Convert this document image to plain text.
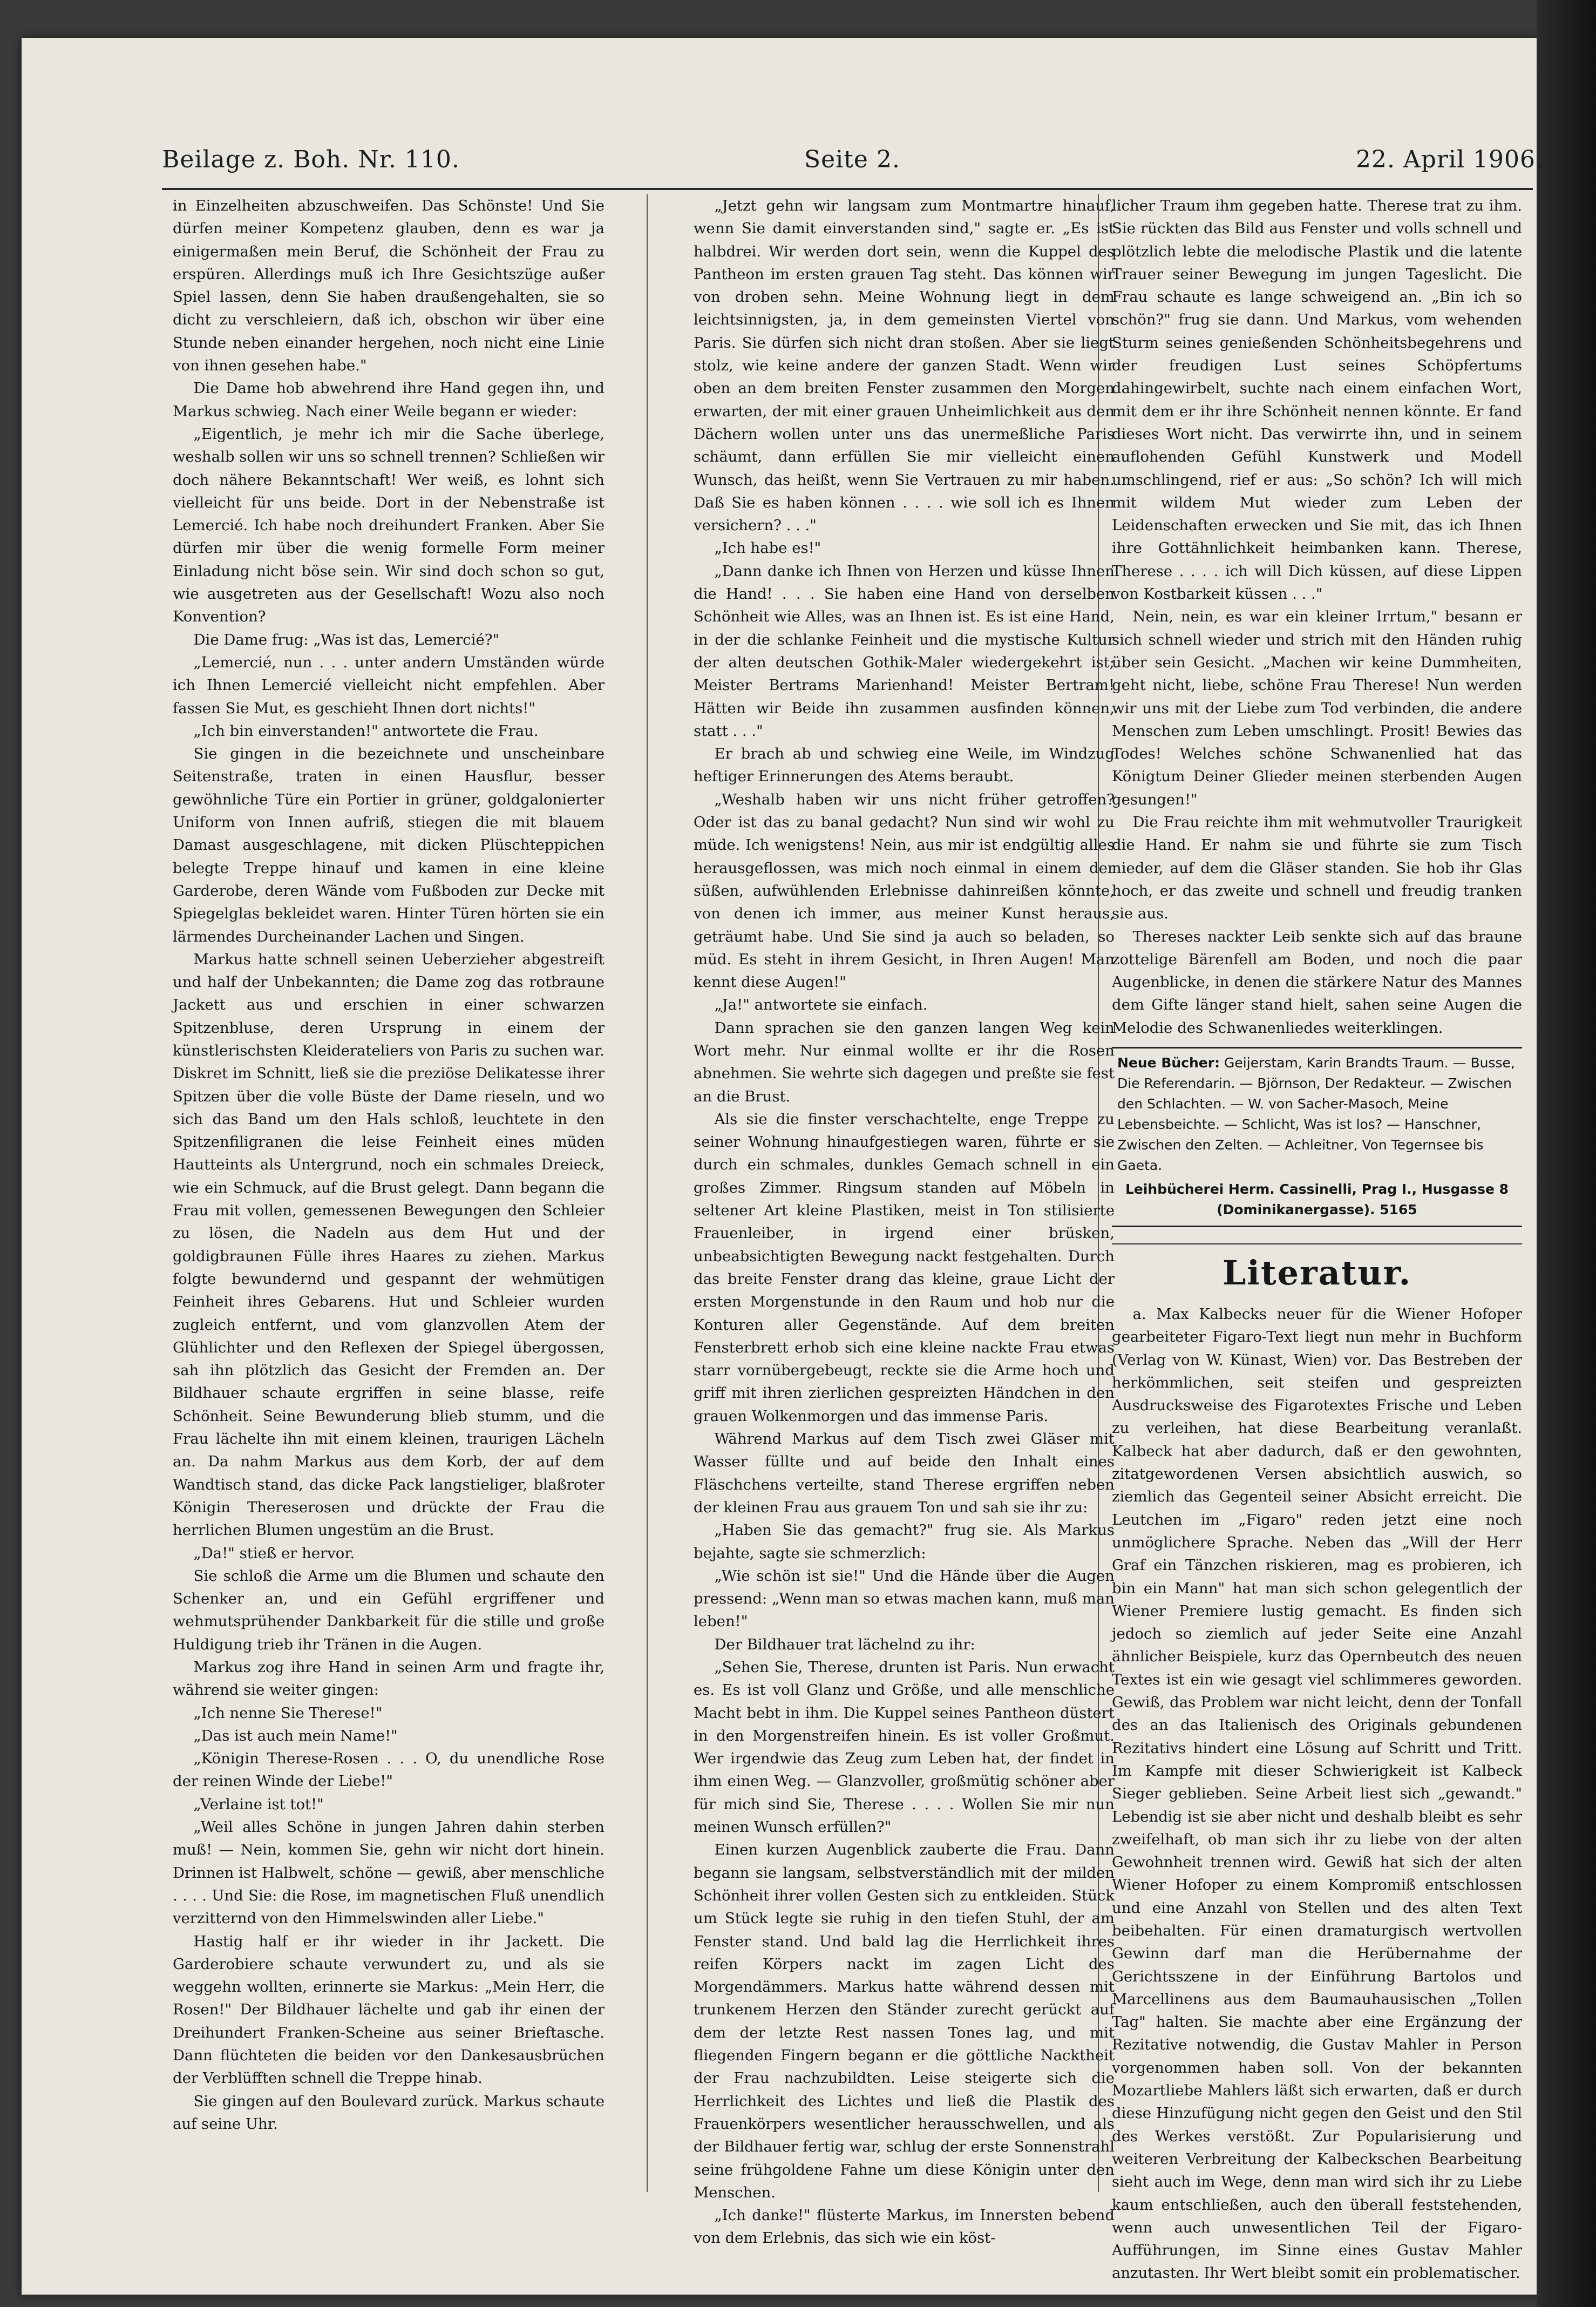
Beilage z. Boh. Nr. 110.	Seite 2.	22. April 1906.

in Einzelheiten abzuschweifen. Das Schönste! Und Sie dürfen meiner Kompetenz glauben, denn es war ja einigermaßen mein Beruf, die Schönheit der Frau zu erspüren. Allerdings muß ich Ihre Gesichtszüge außer Spiel lassen, denn Sie haben draußengehalten, sie so dicht zu verschleiern, daß ich, obschon wir über eine Stunde neben einander hergehen, noch nicht eine Linie von ihnen gesehen habe."

Die Dame hob abwehrend ihre Hand gegen ihn, und Markus schwieg. Nach einer Weile begann er wieder:

„Eigentlich, je mehr ich mir die Sache überlege, weshalb sollen wir uns so schnell trennen? Schließen wir doch nähere Bekanntschaft! Wer weiß, es lohnt sich vielleicht für uns beide. Dort in der Nebenstraße ist Lemercié. Ich habe noch dreihundert Franken. Aber Sie dürfen mir über die wenig formelle Form meiner Einladung nicht böse sein. Wir sind doch schon so gut, wie ausgetreten aus der Gesellschaft! Wozu also noch Konvention?

Die Dame frug: „Was ist das, Lemercié?"

„Lemercié, nun . . . unter andern Umständen würde ich Ihnen Lemercié vielleicht nicht empfehlen. Aber fassen Sie Mut, es geschieht Ihnen dort nichts!"

„Ich bin einverstanden!" antwortete die Frau.

Sie gingen in die bezeichnete und unscheinbare Seitenstraße, traten in einen Hausflur, besser gewöhnliche Türe ein Portier in grüner, goldgalonierter Uniform von Innen aufriß, stiegen die mit blauem Damast ausgeschlagene, mit dicken Plüschteppichen belegte Treppe hinauf und kamen in eine kleine Garderobe, deren Wände vom Fußboden zur Decke mit Spiegelglas bekleidet waren. Hinter Türen hörten sie ein lärmendes Durcheinander Lachen und Singen.

Markus hatte schnell seinen Ueberzieher abgestreift und half der Unbekannten; die Dame zog das rotbraune Jackett aus und erschien in einer schwarzen Spitzenbluse, deren Ursprung in einem der künstlerischsten Kleiderateliers von Paris zu suchen war. Diskret im Schnitt, ließ sie die preziöse Delikatesse ihrer Spitzen über die volle Büste der Dame rieseln, und wo sich das Band um den Hals schloß, leuchtete in den Spitzenfiligranen die leise Feinheit eines müden Hautteints als Untergrund, noch ein schmales Dreieck, wie ein Schmuck, auf die Brust gelegt. Dann begann die Frau mit vollen, gemessenen Bewegungen den Schleier zu lösen, die Nadeln aus dem Hut und der goldigbraunen Fülle ihres Haares zu ziehen. Markus folgte bewundernd und gespannt der wehmütigen Feinheit ihres Gebarens. Hut und Schleier wurden zugleich entfernt, und vom glanzvollen Atem der Glühlichter und den Reflexen der Spiegel übergossen, sah ihn plötzlich das Gesicht der Fremden an. Der Bildhauer schaute ergriffen in seine blasse, reife Schönheit. Seine Bewunderung blieb stumm, und die Frau lächelte ihn mit einem kleinen, traurigen Lächeln an. Da nahm Markus aus dem Korb, der auf dem Wandtisch stand, das dicke Pack langstieliger, blaßroter Königin Thereserosen und drückte der Frau die herrlichen Blumen ungestüm an die Brust.

„Da!" stieß er hervor.

Sie schloß die Arme um die Blumen und schaute den Schenker an, und ein Gefühl ergriffener und wehmutsprühender Dankbarkeit für die stille und große Huldigung trieb ihr Tränen in die Augen.

Markus zog ihre Hand in seinen Arm und fragte ihr, während sie weiter gingen:

„Ich nenne Sie Therese!"

„Das ist auch mein Name!"

„Königin Therese-Rosen . . . O, du unendliche Rose der reinen Winde der Liebe!"

„Verlaine ist tot!"

„Weil alles Schöne in jungen Jahren dahin sterben muß! — Nein, kommen Sie, gehn wir nicht dort hinein. Drinnen ist Halbwelt, schöne — gewiß, aber menschliche . . . . Und Sie: die Rose, im magnetischen Fluß unendlich verzitternd von den Himmelswinden aller Liebe."

Hastig half er ihr wieder in ihr Jackett. Die Garderobiere schaute verwundert zu, und als sie weggehn wollten, erinnerte sie Markus: „Mein Herr, die Rosen!" Der Bildhauer lächelte und gab ihr einen der Dreihundert Franken-Scheine aus seiner Brieftasche. Dann flüchteten die beiden vor den Dankesausbrüchen der Verblüfften schnell die Treppe hinab.

Sie gingen auf den Boulevard zurück. Markus schaute auf seine Uhr.

„Jetzt gehn wir langsam zum Montmartre hinauf, wenn Sie damit einverstanden sind," sagte er. „Es ist halbdrei. Wir werden dort sein, wenn die Kuppel des Pantheon im ersten grauen Tag steht. Das können wir von droben sehn. Meine Wohnung liegt in dem leichtsinnigsten, ja, in dem gemeinsten Viertel von Paris. Sie dürfen sich nicht dran stoßen. Aber sie liegt stolz, wie keine andere der ganzen Stadt. Wenn wir oben an dem breiten Fenster zusammen den Morgen erwarten, der mit einer grauen Unheimlichkeit aus den Dächern wollen unter uns das unermeßliche Paris schäumt, dann erfüllen Sie mir vielleicht einen Wunsch, das heißt, wenn Sie Vertrauen zu mir haben. Daß Sie es haben können . . . . wie soll ich es Ihnen versichern? . . ."

„Ich habe es!"

„Dann danke ich Ihnen von Herzen und küsse Ihnen die Hand! . . . Sie haben eine Hand von derselben Schönheit wie Alles, was an Ihnen ist. Es ist eine Hand, in der die schlanke Feinheit und die mystische Kultur der alten deutschen Gothik-Maler wiedergekehrt ist; Meister Bertrams Marienhand! Meister Bertram! Hätten wir Beide ihn zusammen ausfinden können, statt . . ."

Er brach ab und schwieg eine Weile, im Windzug heftiger Erinnerungen des Atems beraubt.

„Weshalb haben wir uns nicht früher getroffen? Oder ist das zu banal gedacht? Nun sind wir wohl zu müde. Ich wenigstens! Nein, aus mir ist endgültig alles herausgeflossen, was mich noch einmal in einem der süßen, aufwühlenden Erlebnisse dahinreißen könnte, von denen ich immer, aus meiner Kunst heraus, geträumt habe. Und Sie sind ja auch so beladen, so müd. Es steht in ihrem Gesicht, in Ihren Augen! Man kennt diese Augen!"

„Ja!" antwortete sie einfach.

Dann sprachen sie den ganzen langen Weg kein Wort mehr. Nur einmal wollte er ihr die Rosen abnehmen. Sie wehrte sich dagegen und preßte sie fest an die Brust.

Als sie die finster verschachtelte, enge Treppe zu seiner Wohnung hinaufgestiegen waren, führte er sie durch ein schmales, dunkles Gemach schnell in ein großes Zimmer. Ringsum standen auf Möbeln in seltener Art kleine Plastiken, meist in Ton stilisierte Frauenleiber, in irgend einer brüsken, unbeabsichtigten Bewegung nackt festgehalten. Durch das breite Fenster drang das kleine, graue Licht der ersten Morgenstunde in den Raum und hob nur die Konturen aller Gegenstände. Auf dem breiten Fensterbrett erhob sich eine kleine nackte Frau etwas starr vornübergebeugt, reckte sie die Arme hoch und griff mit ihren zierlichen gespreizten Händchen in den grauen Wolkenmorgen und das immense Paris.

Während Markus auf dem Tisch zwei Gläser mit Wasser füllte und auf beide den Inhalt eines Fläschchens verteilte, stand Therese ergriffen neben der kleinen Frau aus grauem Ton und sah sie ihr zu:

„Haben Sie das gemacht?" frug sie. Als Markus bejahte, sagte sie schmerzlich:

„Wie schön ist sie!" Und die Hände über die Augen pressend: „Wenn man so etwas machen kann, muß man leben!"

Der Bildhauer trat lächelnd zu ihr:

„Sehen Sie, Therese, drunten ist Paris. Nun erwacht es. Es ist voll Glanz und Größe, und alle menschliche Macht bebt in ihm. Die Kuppel seines Pantheon düstert in den Morgenstreifen hinein. Es ist voller Großmut. Wer irgendwie das Zeug zum Leben hat, der findet in ihm einen Weg. — Glanzvoller, großmütig schöner aber für mich sind Sie, Therese . . . . Wollen Sie mir nun meinen Wunsch erfüllen?"

Einen kurzen Augenblick zauberte die Frau. Dann begann sie langsam, selbstverständlich mit der milden Schönheit ihrer vollen Gesten sich zu entkleiden. Stück um Stück legte sie ruhig in den tiefen Stuhl, der am Fenster stand. Und bald lag die Herrlichkeit ihres reifen Körpers nackt im zagen Licht des Morgendämmers. Markus hatte während dessen mit trunkenem Herzen den Ständer zurecht gerückt auf dem der letzte Rest nassen Tones lag, und mit fliegenden Fingern begann er die göttliche Nacktheit der Frau nachzubildten. Leise steigerte sich die Herrlichkeit des Lichtes und ließ die Plastik des Frauenkörpers wesentlicher herausschwellen, und als der Bildhauer fertig war, schlug der erste Sonnenstrahl seine frühgoldene Fahne um diese Königin unter den Menschen.

„Ich danke!" flüsterte Markus, im Innersten bebend von dem Erlebnis, das sich wie ein köst-

licher Traum ihm gegeben hatte. Therese trat zu ihm. Sie rückten das Bild aus Fenster und volls schnell und plötzlich lebte die melodische Plastik und die latente Trauer seiner Bewegung im jungen Tageslicht. Die Frau schaute es lange schweigend an. „Bin ich so schön?" frug sie dann. Und Markus, vom wehenden Sturm seines genießenden Schönheitsbegehrens und der freudigen Lust seines Schöpfertums dahingewirbelt, suchte nach einem einfachen Wort, mit dem er ihr ihre Schönheit nennen könnte. Er fand dieses Wort nicht. Das verwirrte ihn, und in seinem auflohenden Gefühl Kunstwerk und Modell umschlingend, rief er aus: „So schön? Ich will mich mit wildem Mut wieder zum Leben der Leidenschaften erwecken und Sie mit, das ich Ihnen ihre Gottähnlichkeit heimbanken kann. Therese, Therese . . . . ich will Dich küssen, auf diese Lippen von Kostbarkeit küssen . . ."

Nein, nein, es war ein kleiner Irrtum," besann er sich schnell wieder und strich mit den Händen ruhig über sein Gesicht. „Machen wir keine Dummheiten, geht nicht, liebe, schöne Frau Therese! Nun werden wir uns mit der Liebe zum Tod verbinden, die andere Menschen zum Leben umschlingt. Prosit! Bewies das Todes! Welches schöne Schwanenlied hat das Königtum Deiner Glieder meinen sterbenden Augen gesungen!"

Die Frau reichte ihm mit wehmutvoller Traurigkeit die Hand. Er nahm sie und führte sie zum Tisch nieder, auf dem die Gläser standen. Sie hob ihr Glas hoch, er das zweite und schnell und freudig tranken sie aus.

Thereses nackter Leib senkte sich auf das braune zottelige Bärenfell am Boden, und noch die paar Augenblicke, in denen die stärkere Natur des Mannes dem Gifte länger stand hielt, sahen seine Augen die Melodie des Schwanenliedes weiterklingen.

Neue Bücher: Geijerstam, Karin Brandts Traum. — Busse, Die Referendarin. — Björnson, Der Redakteur. — Zwischen den Schlachten. — W. von Sacher-Masoch, Meine Lebensbeichte. — Schlicht, Was ist los? — Hanschner, Zwischen den Zelten. — Achleitner, Von Tegernsee bis Gaeta.
Leihbücherei Herm. Cassinelli, Prag I., Husgasse 8 (Dominikanergasse). 5165
Literatur.

a. Max Kalbecks neuer für die Wiener Hofoper gearbeiteter Figaro-Text liegt nun mehr in Buchform (Verlag von W. Künast, Wien) vor. Das Bestreben der herkömmlichen, seit steifen und gespreizten Ausdrucksweise des Figarotextes Frische und Leben zu verleihen, hat diese Bearbeitung veranlaßt. Kalbeck hat aber dadurch, daß er den gewohnten, zitatgewordenen Versen absichtlich auswich, so ziemlich das Gegenteil seiner Absicht erreicht. Die Leutchen im „Figaro" reden jetzt eine noch unmöglichere Sprache. Neben das „Will der Herr Graf ein Tänzchen riskieren, mag es probieren, ich bin ein Mann" hat man sich schon gelegentlich der Wiener Premiere lustig gemacht. Es finden sich jedoch so ziemlich auf jeder Seite eine Anzahl ähnlicher Beispiele, kurz das Opernbeutch des neuen Textes ist ein wie gesagt viel schlimmeres geworden. Gewiß, das Problem war nicht leicht, denn der Tonfall des an das Italienisch des Originals gebundenen Rezitativs hindert eine Lösung auf Schritt und Tritt. Im Kampfe mit dieser Schwierigkeit ist Kalbeck Sieger geblieben. Seine Arbeit liest sich „gewandt." Lebendig ist sie aber nicht und deshalb bleibt es sehr zweifelhaft, ob man sich ihr zu liebe von der alten Gewohnheit trennen wird. Gewiß hat sich der alten Wiener Hofoper zu einem Kompromiß entschlossen und eine Anzahl von Stellen und des alten Text beibehalten. Für einen dramaturgisch wertvollen Gewinn darf man die Herübernahme der Gerichtsszene in der Einführung Bartolos und Marcellinens aus dem Baumauhausischen „Tollen Tag" halten. Sie machte aber eine Ergänzung der Rezitative notwendig, die Gustav Mahler in Person vorgenommen haben soll. Von der bekannten Mozartliebe Mahlers läßt sich erwarten, daß er durch diese Hinzufügung nicht gegen den Geist und den Stil des Werkes verstößt. Zur Popularisierung und weiteren Verbreitung der Kalbeckschen Bearbeitung sieht auch im Wege, denn man wird sich ihr zu Liebe kaum entschließen, auch den überall feststehenden, wenn auch unwesentlichen Teil der Figaro-Aufführungen, im Sinne eines Gustav Mahler anzutasten. Ihr Wert bleibt somit ein problematischer.
